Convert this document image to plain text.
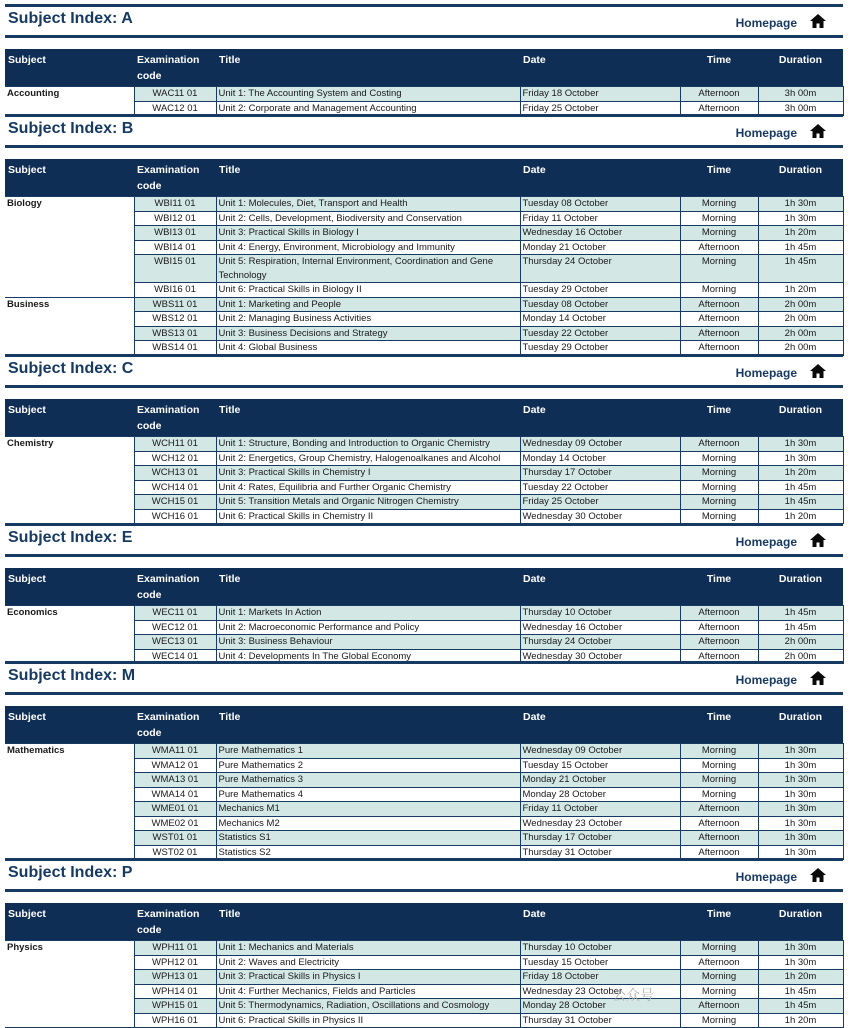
Subject Index: A	Homepage
Subject	Examination code	Title	Date	Time	Duration
Accounting	WAC11 01	Unit 1: The Accounting System and Costing	Friday 18 October	Afternoon	3h 00m
	WAC12 01	Unit 2: Corporate and Management Accounting	Friday 25 October	Afternoon	3h 00m
Subject Index: B	Homepage
Subject	Examination code	Title	Date	Time	Duration
Biology	WBI11 01	Unit 1: Molecules, Diet, Transport and Health	Tuesday 08 October	Morning	1h 30m
	WBI12 01	Unit 2: Cells, Development, Biodiversity and Conservation	Friday 11 October	Morning	1h 30m
	WBI13 01	Unit 3: Practical Skills in Biology I	Wednesday 16 October	Morning	1h 20m
	WBI14 01	Unit 4: Energy, Environment, Microbiology and Immunity	Monday 21 October	Afternoon	1h 45m
	WBI15 01	Unit 5: Respiration, Internal Environment, Coordination and Gene Technology	Thursday 24 October	Morning	1h 45m
	WBI16 01	Unit 6: Practical Skills in Biology II	Tuesday 29 October	Morning	1h 20m
Business	WBS11 01	Unit 1: Marketing and People	Tuesday 08 October	Afternoon	2h 00m
	WBS12 01	Unit 2: Managing Business Activities	Monday 14 October	Afternoon	2h 00m
	WBS13 01	Unit 3: Business Decisions and Strategy	Tuesday 22 October	Afternoon	2h 00m
	WBS14 01	Unit 4: Global Business	Tuesday 29 October	Afternoon	2h 00m
Subject Index: C	Homepage
Subject	Examination code	Title	Date	Time	Duration
Chemistry	WCH11 01	Unit 1: Structure, Bonding and Introduction to Organic Chemistry	Wednesday 09 October	Afternoon	1h 30m
	WCH12 01	Unit 2: Energetics, Group Chemistry, Halogenoalkanes and Alcohol	Monday 14 October	Morning	1h 30m
	WCH13 01	Unit 3: Practical Skills in Chemistry I	Thursday 17 October	Morning	1h 20m
	WCH14 01	Unit 4: Rates, Equilibria and Further Organic Chemistry	Tuesday 22 October	Morning	1h 45m
	WCH15 01	Unit 5: Transition Metals and Organic Nitrogen Chemistry	Friday 25 October	Morning	1h 45m
	WCH16 01	Unit 6: Practical Skills in Chemistry II	Wednesday 30 October	Morning	1h 20m
Subject Index: E	Homepage
Subject	Examination code	Title	Date	Time	Duration
Economics	WEC11 01	Unit 1: Markets In Action	Thursday 10 October	Afternoon	1h 45m
	WEC12 01	Unit 2: Macroeconomic Performance and Policy	Wednesday 16 October	Afternoon	1h 45m
	WEC13 01	Unit 3: Business Behaviour	Thursday 24 October	Afternoon	2h 00m
	WEC14 01	Unit 4: Developments In The Global Economy	Wednesday 30 October	Afternoon	2h 00m
Subject Index: M	Homepage
Subject	Examination code	Title	Date	Time	Duration
Mathematics	WMA11 01	Pure Mathematics 1	Wednesday 09 October	Morning	1h 30m
	WMA12 01	Pure Mathematics 2	Tuesday 15 October	Morning	1h 30m
	WMA13 01	Pure Mathematics 3	Monday 21 October	Morning	1h 30m
	WMA14 01	Pure Mathematics 4	Monday 28 October	Morning	1h 30m
	WME01 01	Mechanics M1	Friday 11 October	Afternoon	1h 30m
	WME02 01	Mechanics M2	Wednesday 23 October	Afternoon	1h 30m
	WST01 01	Statistics S1	Thursday 17 October	Afternoon	1h 30m
	WST02 01	Statistics S2	Thursday 31 October	Afternoon	1h 30m
Subject Index: P	Homepage
Subject	Examination code	Title	Date	Time	Duration
Physics	WPH11 01	Unit 1: Mechanics and Materials	Thursday 10 October	Morning	1h 30m
	WPH12 01	Unit 2: Waves and Electricity	Tuesday 15 October	Afternoon	1h 30m
	WPH13 01	Unit 3: Practical Skills in Physics I	Friday 18 October	Morning	1h 20m
	WPH14 01	Unit 4: Further Mechanics, Fields and Particles	Wednesday 23 October	Morning	1h 45m
	WPH15 01	Unit 5: Thermodynamics, Radiation, Oscillations and Cosmology	Monday 28 October	Afternoon	1h 45m
	WPH16 01	Unit 6: Practical Skills in Physics II	Thursday 31 October	Morning	1h 20m
公众号
